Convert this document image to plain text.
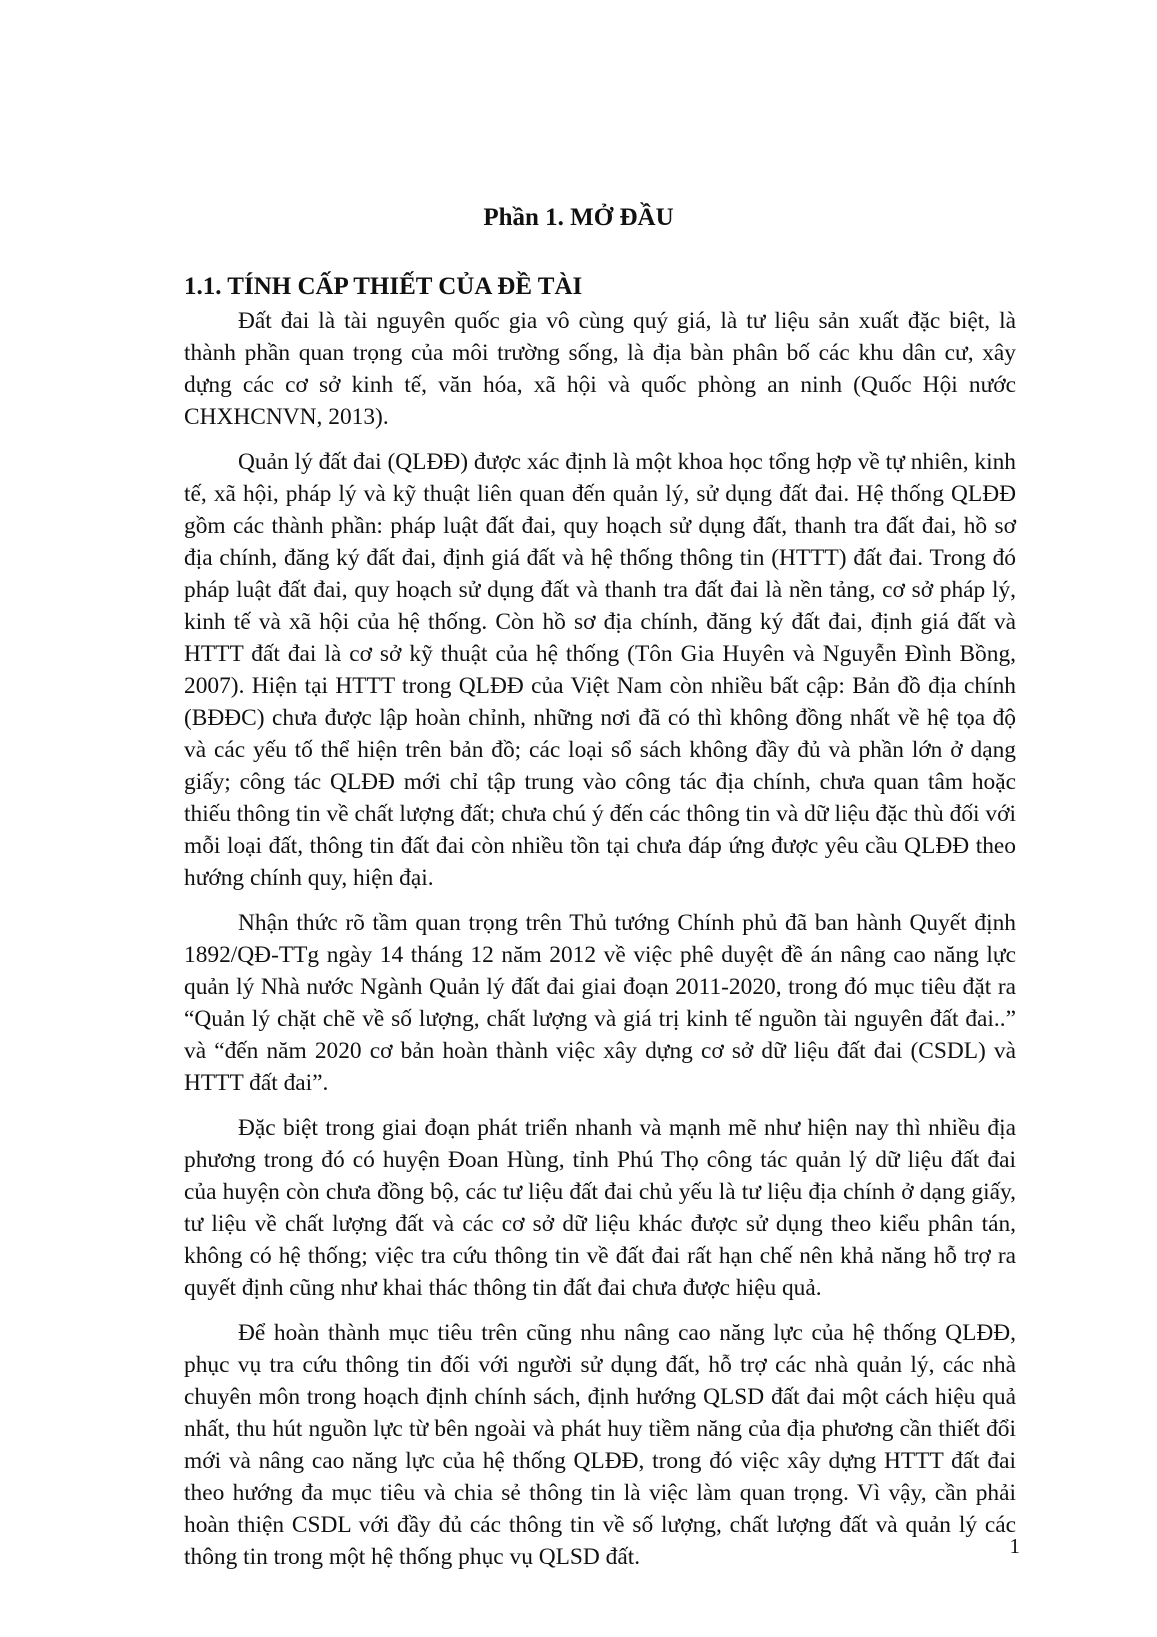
Phần 1. MỞ ĐẦU
1.1. TÍNH CẤP THIẾT CỦA ĐỀ TÀI

Đất đai là tài nguyên quốc gia vô cùng quý giá, là tư liệu sản xuất đặc biệt, là thành phần quan trọng của môi trường sống, là địa bàn phân bố các khu dân cư, xây dựng các cơ sở kinh tế, văn hóa, xã hội và quốc phòng an ninh (Quốc Hội nước CHXHCNVN, 2013).

Quản lý đất đai (QLĐĐ) được xác định là một khoa học tổng hợp về tự nhiên, kinh tế, xã hội, pháp lý và kỹ thuật liên quan đến quản lý, sử dụng đất đai. Hệ thống QLĐĐ gồm các thành phần: pháp luật đất đai, quy hoạch sử dụng đất, thanh tra đất đai, hồ sơ địa chính, đăng ký đất đai, định giá đất và hệ thống thông tin (HTTT) đất đai. Trong đó pháp luật đất đai, quy hoạch sử dụng đất và thanh tra đất đai là nền tảng, cơ sở pháp lý, kinh tế và xã hội của hệ thống. Còn hồ sơ địa chính, đăng ký đất đai, định giá đất và HTTT đất đai là cơ sở kỹ thuật của hệ thống (Tôn Gia Huyên và Nguyễn Đình Bồng, 2007). Hiện tại HTTT trong QLĐĐ của Việt Nam còn nhiều bất cập: Bản đồ địa chính (BĐĐC) chưa được lập hoàn chỉnh, những nơi đã có thì không đồng nhất về hệ tọa độ và các yếu tố thể hiện trên bản đồ; các loại sổ sách không đầy đủ và phần lớn ở dạng giấy; công tác QLĐĐ mới chỉ tập trung vào công tác địa chính, chưa quan tâm hoặc thiếu thông tin về chất lượng đất; chưa chú ý đến các thông tin và dữ liệu đặc thù đối với mỗi loại đất, thông tin đất đai còn nhiều tồn tại chưa đáp ứng được yêu cầu QLĐĐ theo hướng chính quy, hiện đại.

Nhận thức rõ tầm quan trọng trên Thủ tướng Chính phủ đã ban hành Quyết định 1892/QĐ-TTg ngày 14 tháng 12 năm 2012 về việc phê duyệt đề án nâng cao năng lực quản lý Nhà nước Ngành Quản lý đất đai giai đoạn 2011-2020, trong đó mục tiêu đặt ra “Quản lý chặt chẽ về số lượng, chất lượng và giá trị kinh tế nguồn tài nguyên đất đai..” và “đến năm 2020 cơ bản hoàn thành việc xây dựng cơ sở dữ liệu đất đai (CSDL) và HTTT đất đai”.

Đặc biệt trong giai đoạn phát triển nhanh và mạnh mẽ như hiện nay thì nhiều địa phương trong đó có huyện Đoan Hùng, tỉnh Phú Thọ công tác quản lý dữ liệu đất đai của huyện còn chưa đồng bộ, các tư liệu đất đai chủ yếu là tư liệu địa chính ở dạng giấy, tư liệu về chất lượng đất và các cơ sở dữ liệu khác được sử dụng theo kiểu phân tán, không có hệ thống; việc tra cứu thông tin về đất đai rất hạn chế nên khả năng hỗ trợ ra quyết định cũng như khai thác thông tin đất đai chưa được hiệu quả.

Để hoàn thành mục tiêu trên cũng nhu nâng cao năng lực của hệ thống QLĐĐ, phục vụ tra cứu thông tin đối với người sử dụng đất, hỗ trợ các nhà quản lý, các nhà chuyên môn trong hoạch định chính sách, định hướng QLSD đất đai một cách hiệu quả nhất, thu hút nguồn lực từ bên ngoài và phát huy tiềm năng của địa phương cần thiết đổi mới và nâng cao năng lực của hệ thống QLĐĐ, trong đó việc xây dựng HTTT đất đai theo hướng đa mục tiêu và chia sẻ thông tin là việc làm quan trọng. Vì vậy, cần phải hoàn thiện CSDL với đầy đủ các thông tin về số lượng, chất lượng đất và quản lý các thông tin trong một hệ thống phục vụ QLSD đất.	1
